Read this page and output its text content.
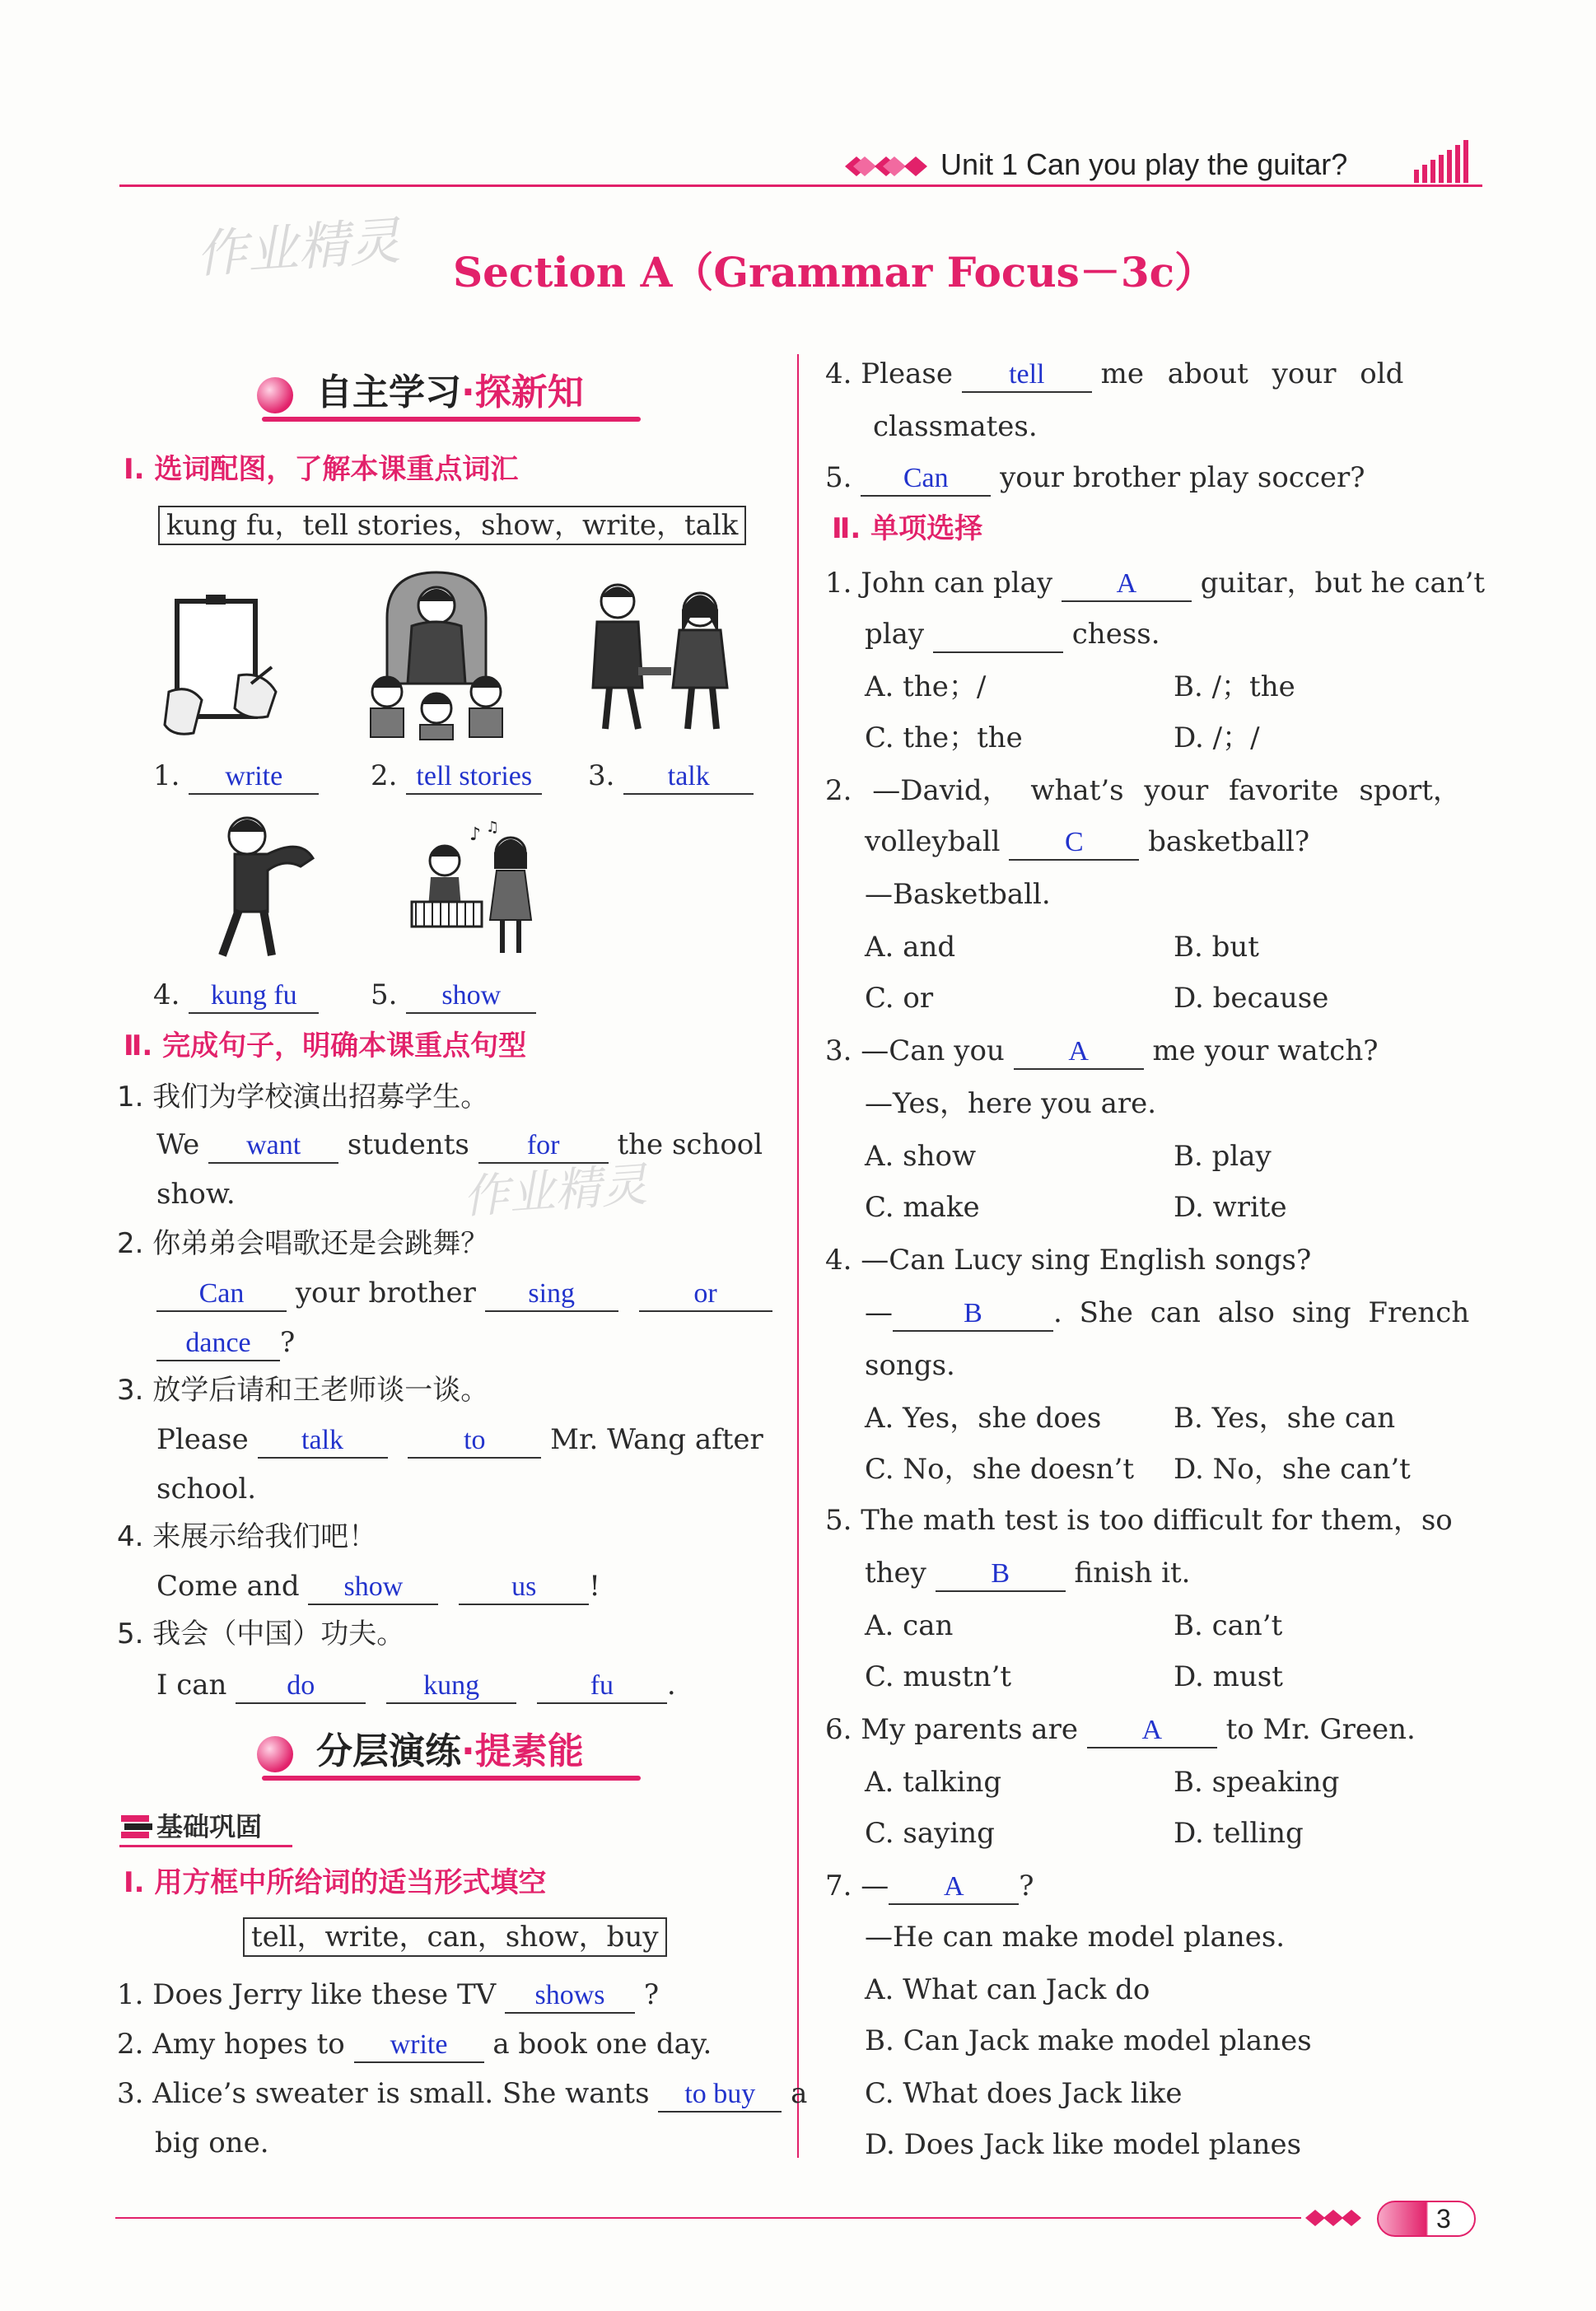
Unit 1 Can you play the guitar?
作业精灵
作业精灵
Section A（Grammar Focus－3c）
自主学习·探新知
Ⅰ. 选词配图，了解本课重点词汇
kung fu，tell stories，show，write，talk
1. write	2. tell stories	3. talk
♪ ♫
4. kung fu	5. show
Ⅱ. 完成句子，明确本课重点句型
1. 我们为学校演出招募学生。
We want students for the school
show.
2. 你弟弟会唱歌还是会跳舞？
Can your brother sing	or
dance ?
3. 放学后请和王老师谈一谈。
Please talk	to Mr. Wang after
school.
4. 来展示给我们吧！
Come and show	us !
5. 我会（中国）功夫。
I can do	kung	fu .
分层演练·提素能
基础巩固
Ⅰ. 用方框中所给词的适当形式填空
tell，write，can，show，buy
1. Does Jerry like these TV shows ?
2. Amy hopes to write a book one day.
3. Alice’s sweater is small. She wants to buy a
big one.
4. Please tell me about your old
classmates.
5. Can your brother play soccer?
Ⅱ. 单项选择
1. John can play A guitar，but he can’t
play	chess.
A. the；/	B. /；the
C. the；the	D. /；/
2. —David， what’s your favorite sport，
volleyball C basketball?
—Basketball.
A. and	B. but
C. or	D. because
3. —Can you A me your watch?
—Yes，here you are.
A. show	B. play
C. make	D. write
4. —Can Lucy sing English songs?
—	B	. She can also sing French
songs.
A. Yes，she does	B. Yes，she can
C. No，she doesn’t D. No，she can’t
5. The math test is too difficult for them，so
they B finish it.
A. can	B. can’t
C. mustn’t	D. must
6. My parents are A to Mr. Green.
A. talking	B. speaking
C. saying	D. telling
7. — A ?
—He can make model planes.
A. What can Jack do
B. Can Jack make model planes
C. What does Jack like
D. Does Jack like model planes
3
